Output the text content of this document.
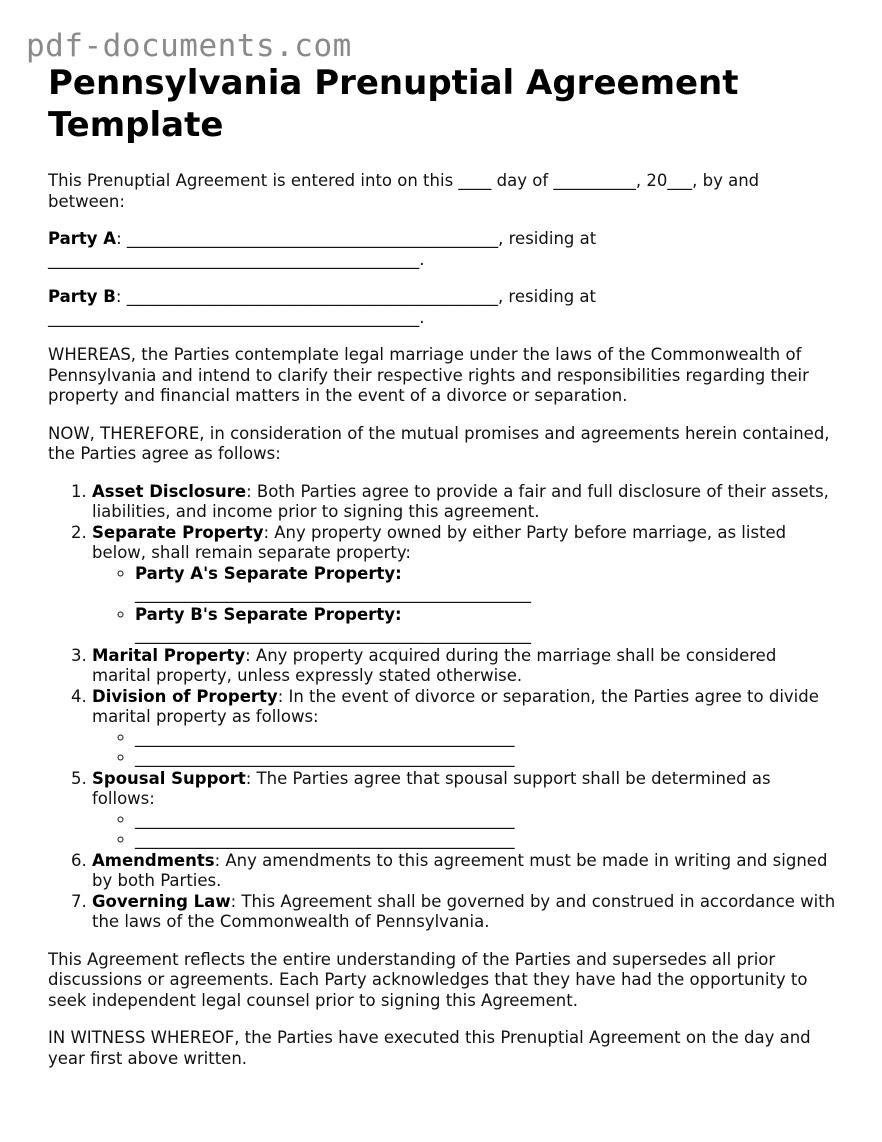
pdf-documents.com
Pennsylvania Prenuptial Agreement Template

This Prenuptial Agreement is entered into on this ____ day of __________, 20___, by and between:

Party A: _____________________________________________, residing at _____________________________________________.

Party B: _____________________________________________, residing at _____________________________________________.

WHEREAS, the Parties contemplate legal marriage under the laws of the Commonwealth of Pennsylvania and intend to clarify their respective rights and responsibilities regarding their property and financial matters in the event of a divorce or separation.

NOW, THEREFORE, in consideration of the mutual promises and agreements herein contained, the Parties agree as follows:

1. Asset Disclosure: Both Parties agree to provide a fair and full disclosure of their assets, liabilities, and income prior to signing this agreement.
2. Separate Property: Any property owned by either Party before marriage, as listed below, shall remain separate property:
◦ Party A's Separate Property:
________________________________________________
◦ Party B's Separate Property:
________________________________________________
3. Marital Property: Any property acquired during the marriage shall be considered marital property, unless expressly stated otherwise.
4. Division of Property: In the event of divorce or separation, the Parties agree to divide marital property as follows:
◦ ______________________________________________
◦ ______________________________________________
5. Spousal Support: The Parties agree that spousal support shall be determined as follows:
◦ ______________________________________________
◦ ______________________________________________
6. Amendments: Any amendments to this agreement must be made in writing and signed by both Parties.
7. Governing Law: This Agreement shall be governed by and construed in accordance with the laws of the Commonwealth of Pennsylvania.

This Agreement reflects the entire understanding of the Parties and supersedes all prior discussions or agreements. Each Party acknowledges that they have had the opportunity to seek independent legal counsel prior to signing this Agreement.

IN WITNESS WHEREOF, the Parties have executed this Prenuptial Agreement on the day and year first above written.
